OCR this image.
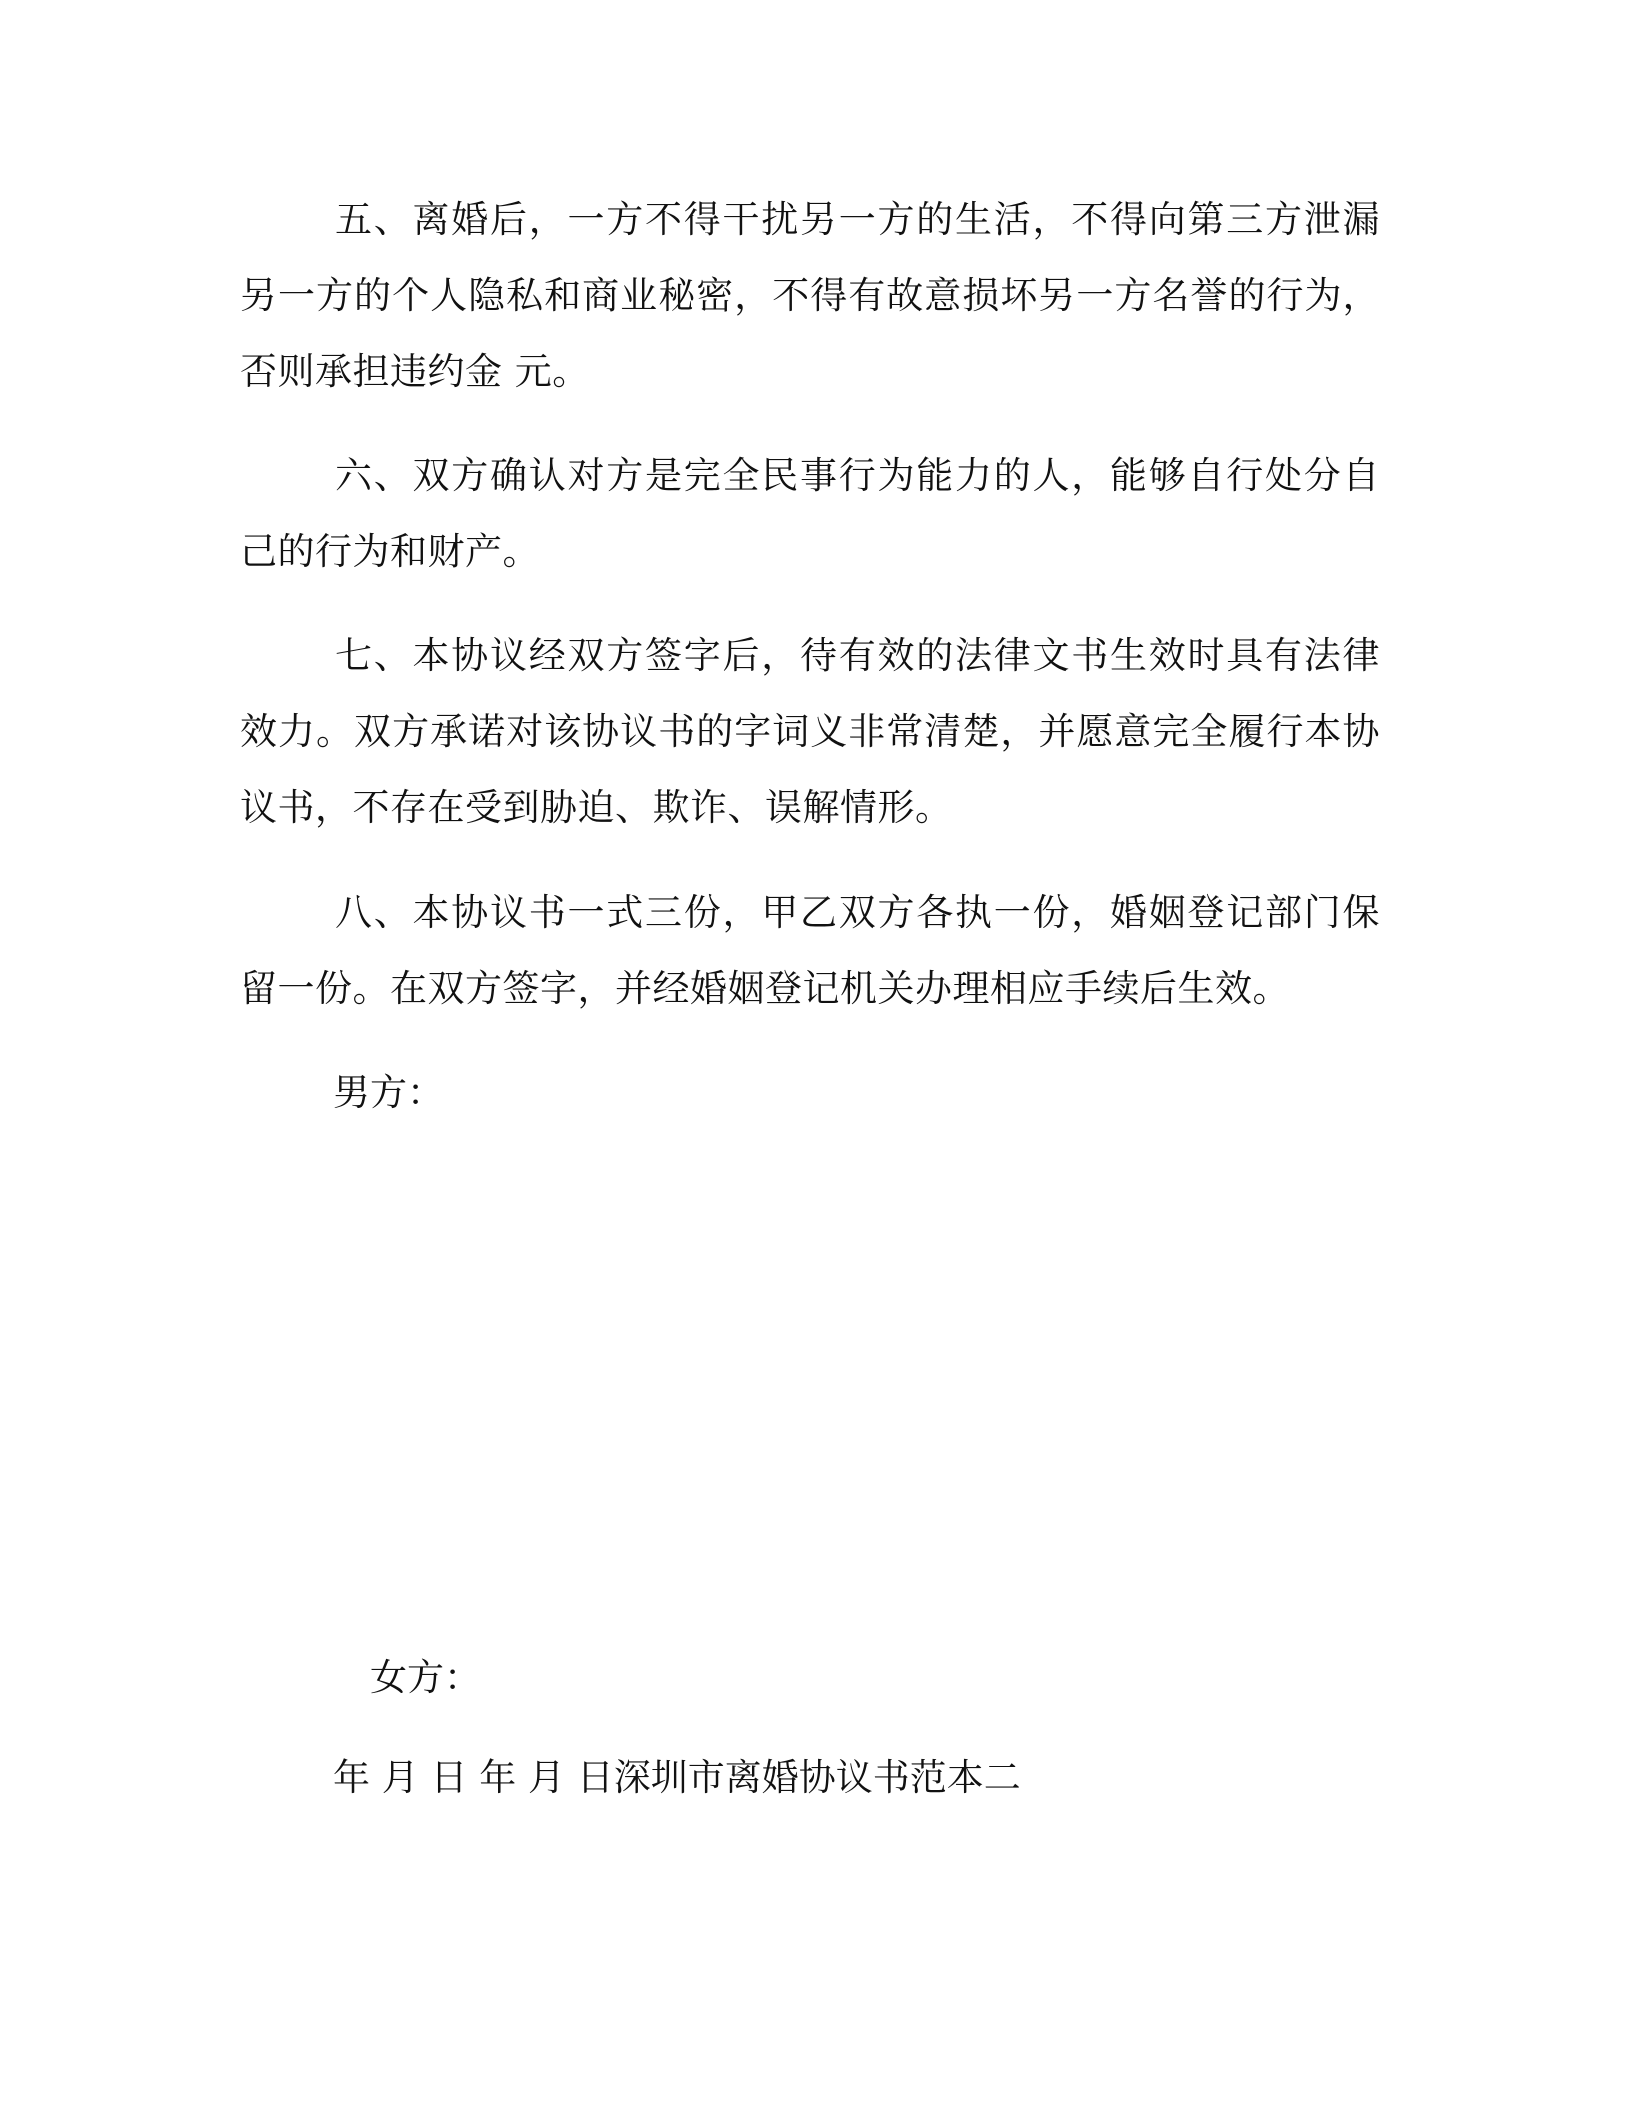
五、离婚后，一方不得干扰另一方的生活，不得向第三方泄漏另一方的个人隐私和商业秘密，不得有故意损坏另一方名誉的行为，否则承担违约金 元。

六、双方确认对方是完全民事行为能力的人，能够自行处分自己的行为和财产。

七、本协议经双方签字后，待有效的法律文书生效时具有法律效力。双方承诺对该协议书的字词义非常清楚，并愿意完全履行本协议书，不存在受到胁迫、欺诈、误解情形。

八、本协议书一式三份，甲乙双方各执一份，婚姻登记部门保留一份。在双方签字，并经婚姻登记机关办理相应手续后生效。

男方：

女方：

年 月 日 年 月 日深圳市离婚协议书范本二
